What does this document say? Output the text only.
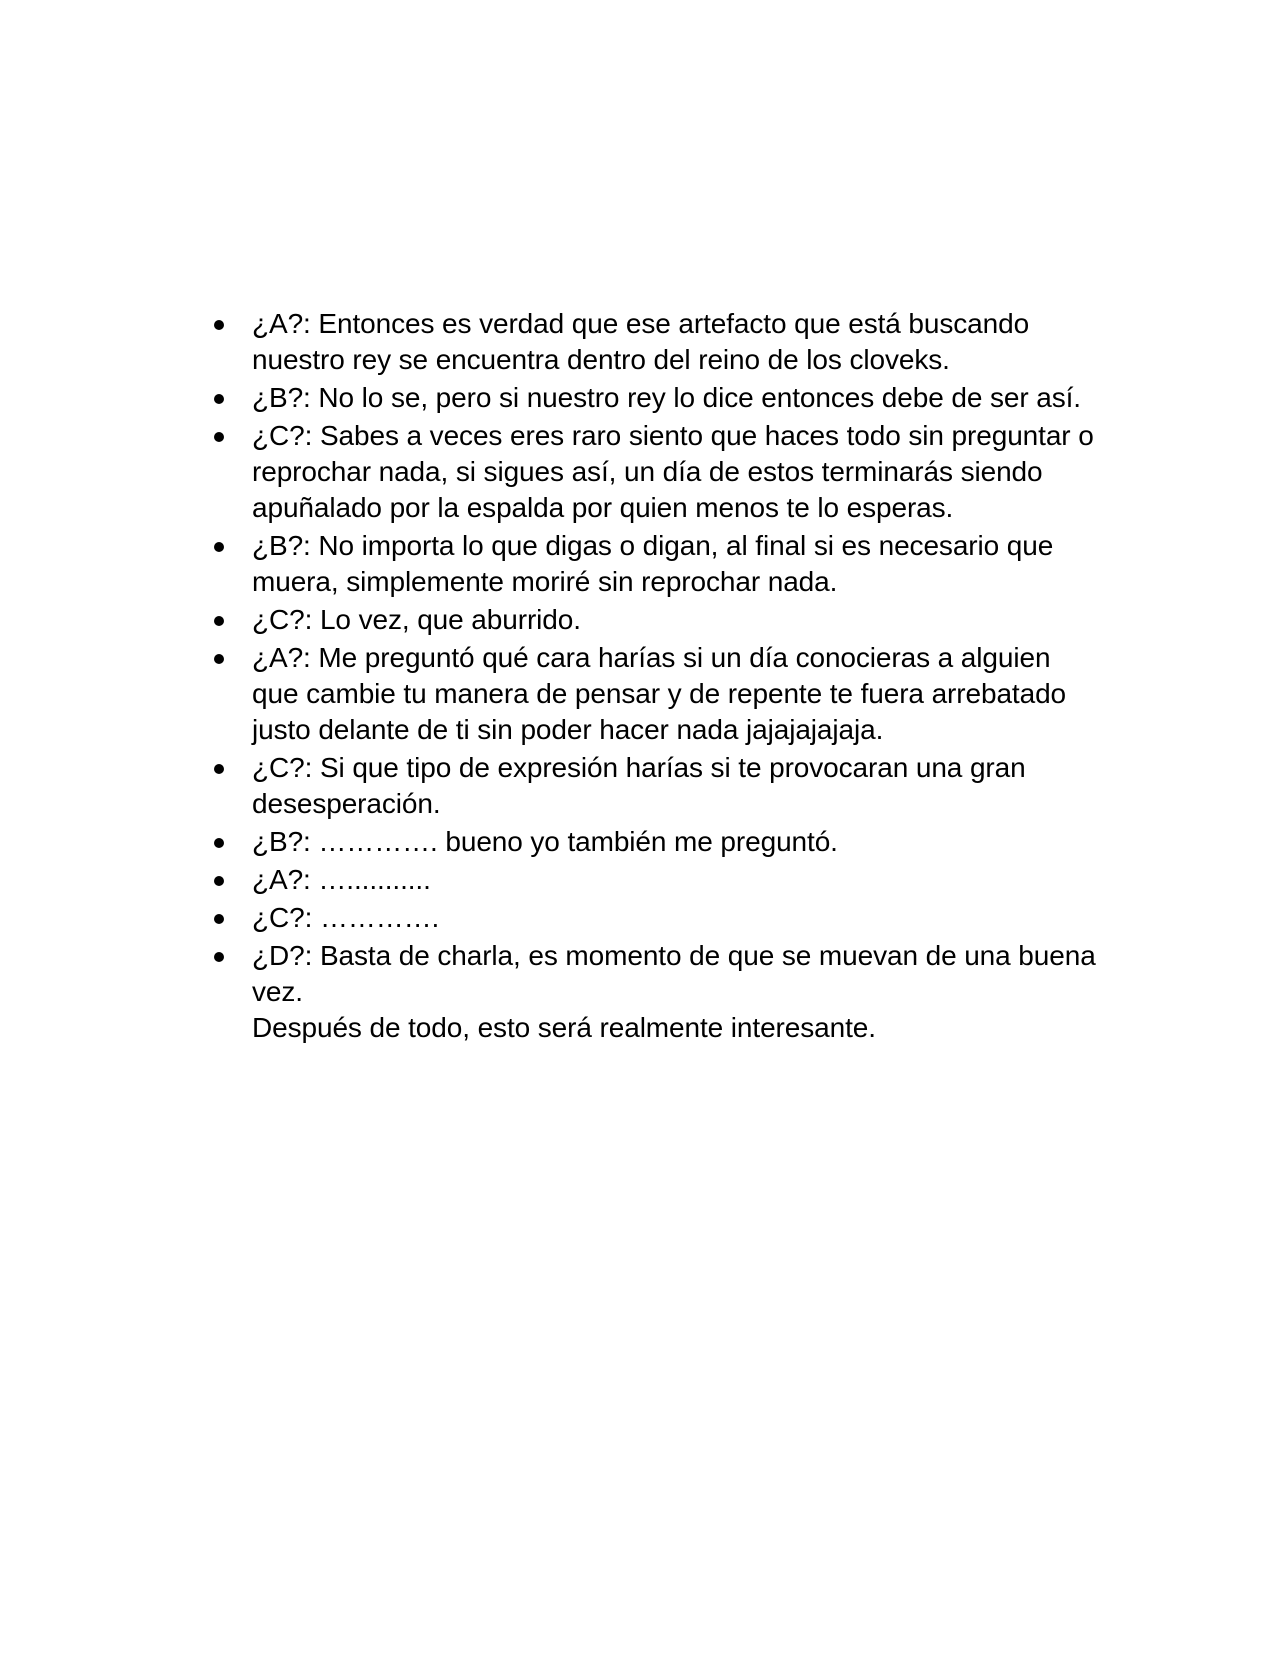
¿A?: Entonces es verdad que ese artefacto que está buscando nuestro rey se encuentra dentro del reino de los cloveks.
¿B?: No lo se, pero si nuestro rey lo dice entonces debe de ser así.
¿C?: Sabes a veces eres raro siento que haces todo sin preguntar o reprochar nada, si sigues así, un día de estos terminarás siendo apuñalado por la espalda por quien menos te lo esperas.
¿B?: No importa lo que digas o digan, al final si es necesario que muera, simplemente moriré sin reprochar nada.
¿C?: Lo vez, que aburrido.
¿A?: Me preguntó qué cara harías si un día conocieras a alguien que cambie tu manera de pensar y de repente te fuera arrebatado justo delante de ti sin poder hacer nada jajajajajaja.
¿C?: Si que tipo de expresión harías si te provocaran una gran desesperación.
¿B?: …………. bueno yo también me preguntó.
¿A?: …...........
¿C?: ………….
¿D?: Basta de charla, es momento de que se muevan de una buena vez.
Después de todo, esto será realmente interesante.
